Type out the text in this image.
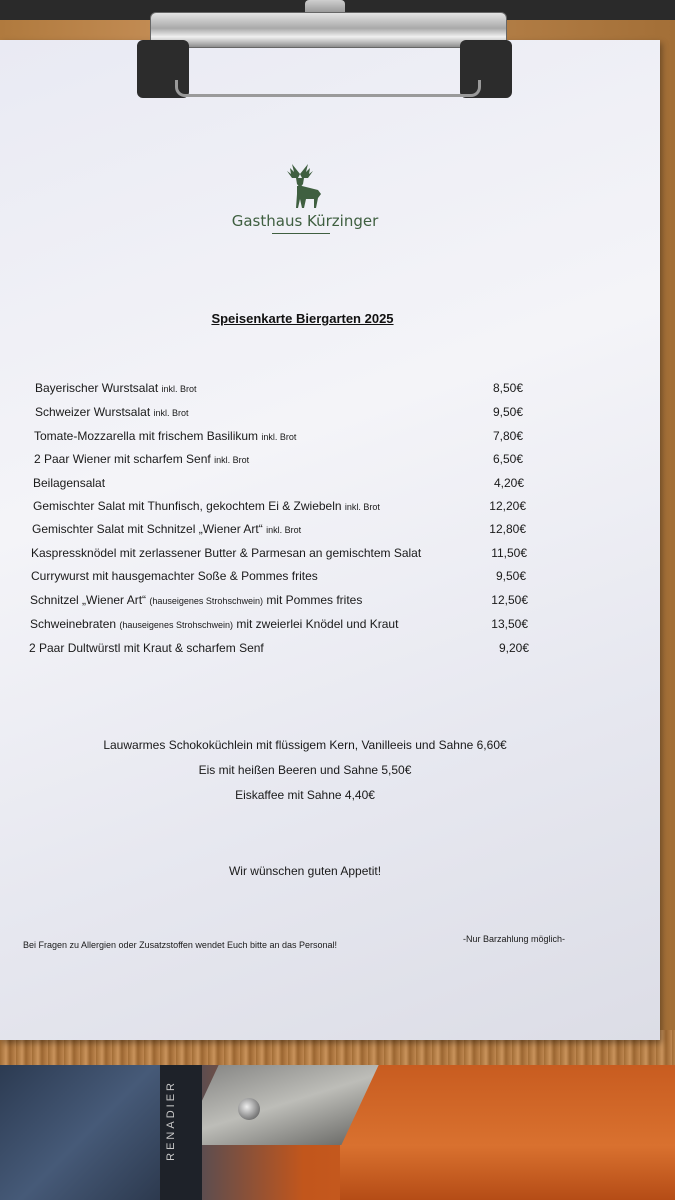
Gasthaus Kürzinger
Speisenkarte Biergarten 2025
Bayerischer Wurstsalat inkl. Brot	8,50€
Schweizer Wurstsalat inkl. Brot	9,50€
Tomate-Mozzarella mit frischem Basilikum inkl. Brot	7,80€
2 Paar Wiener mit scharfem Senf inkl. Brot	6,50€
Beilagensalat	4,20€
Gemischter Salat mit Thunfisch, gekochtem Ei & Zwiebeln inkl. Brot	12,20€
Gemischter Salat mit Schnitzel „Wiener Art“ inkl. Brot	12,80€
Kaspressknödel mit zerlassener Butter & Parmesan an gemischtem Salat	11,50€
Currywurst mit hausgemachter Soße & Pommes frites	9,50€
Schnitzel „Wiener Art“ (hauseigenes Strohschwein) mit Pommes frites	12,50€
Schweinebraten (hauseigenes Strohschwein) mit zweierlei Knödel und Kraut	13,50€
2 Paar Dultwürstl mit Kraut & scharfem Senf	9,20€
Lauwarmes Schokoküchlein mit flüssigem Kern, Vanilleeis und Sahne 6,60€
Eis mit heißen Beeren und Sahne 5,50€
Eiskaffee mit Sahne 4,40€
Wir wünschen guten Appetit!
Bei Fragen zu Allergien oder Zusatzstoffen wendet Euch bitte an das Personal!
-Nur Barzahlung möglich-
RENADIER
